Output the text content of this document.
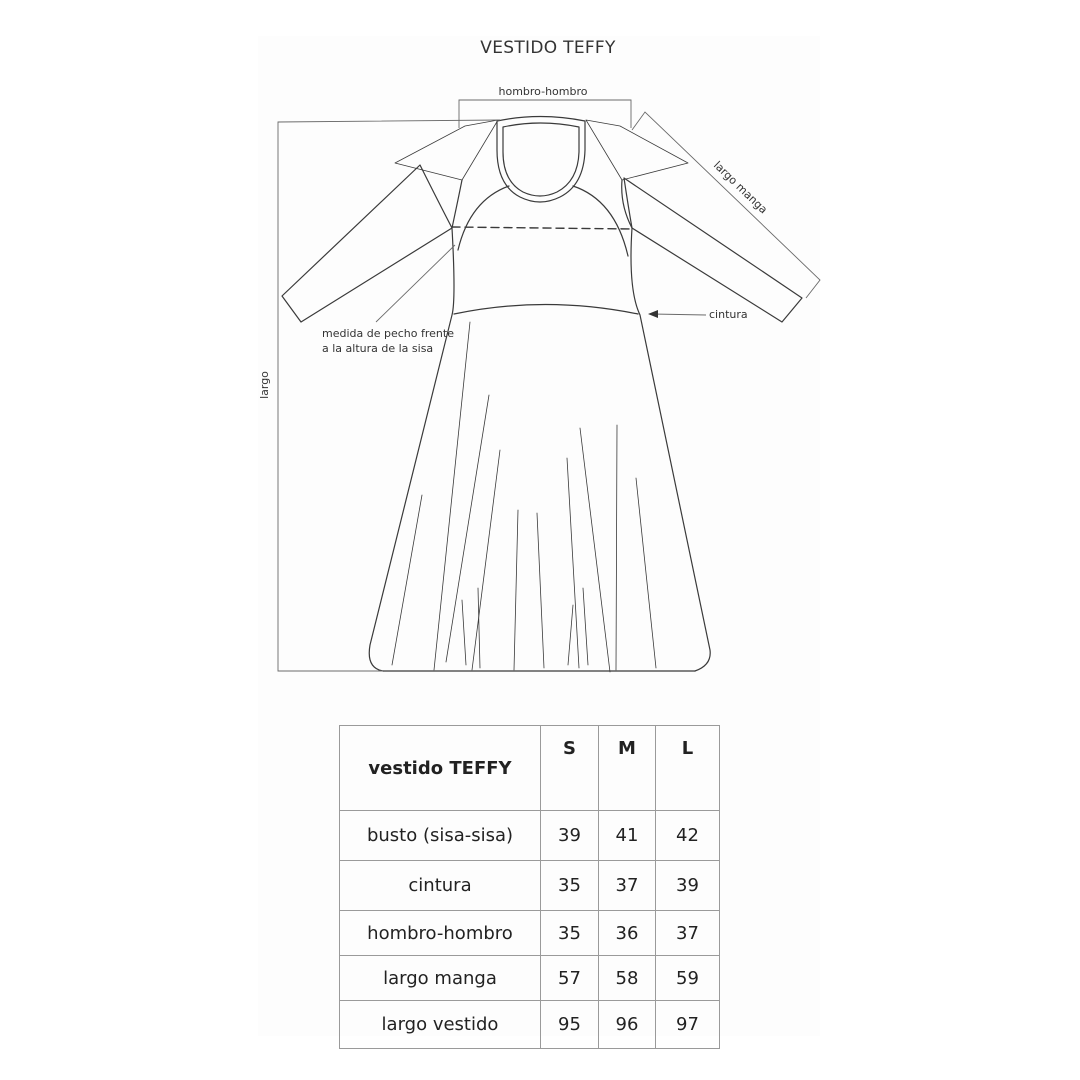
VESTIDO TEFFY
hombro-hombro
largo manga
cintura
largo
medida de pecho frente
a la altura de la sisa
vestido TEFFY	S	M	L
busto (sisa-sisa)	39	41	42
cintura	35	37	39
hombro-hombro	35	36	37
largo manga	57	58	59
largo vestido	95	96	97
